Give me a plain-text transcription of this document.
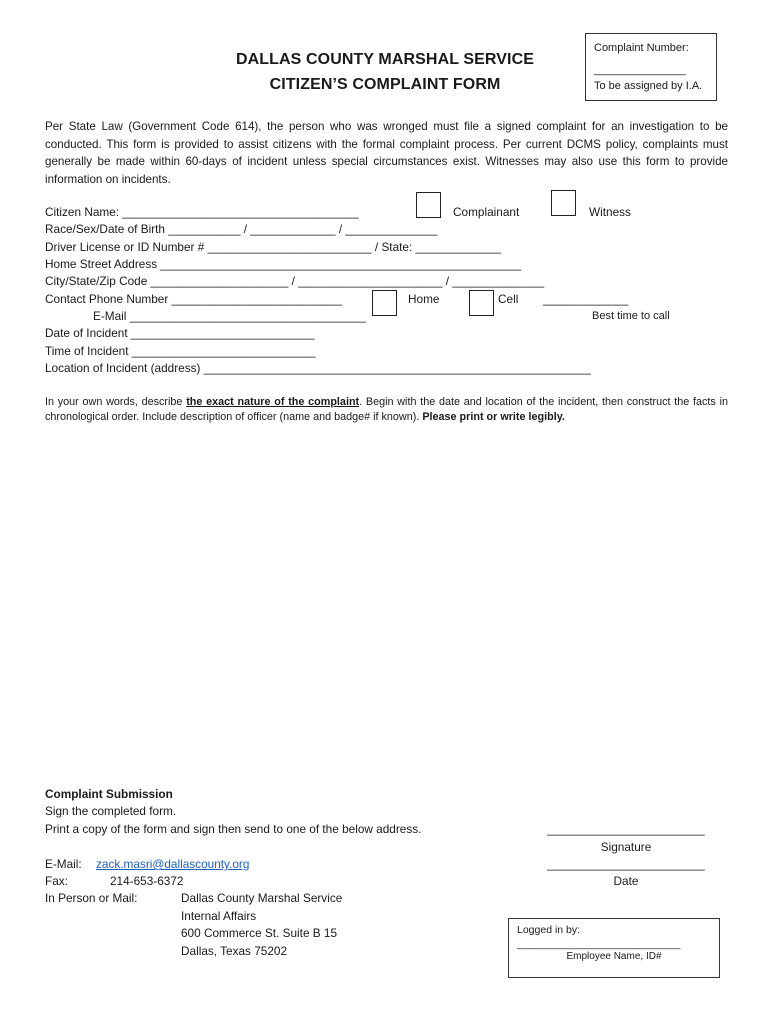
DALLAS COUNTY MARSHAL SERVICE
CITIZEN’S COMPLAINT FORM
Complaint Number:
_______________
To be assigned by I.A.
Per State Law (Government Code 614), the person who was wronged must file a signed complaint for an investigation to be conducted. This form is provided to assist citizens with the formal complaint process. Per current DCMS policy, complaints must generally be made within 60-days of incident unless special circumstances exist. Witnesses may also use this form to provide information on incidents.
Citizen Name: ____________________________________	Complainant	Witness
Race/Sex/Date of Birth ___________ / _____________ / ______________
Driver License or ID Number # _________________________ / State: _____________
Home Street Address _______________________________________________________
City/State/Zip Code _____________________ / ______________________ / ______________
Contact Phone Number __________________________	Home	Cell _____________
Best time to call
E-Mail ____________________________________
Date of Incident ____________________________
Time of Incident ____________________________
Location of Incident (address) ___________________________________________________________
In your own words, describe the exact nature of the complaint. Begin with the date and location of the incident, then construct the facts in chronological order. Include description of officer (name and badge# if known). Please print or write legibly.
Complaint Submission
Sign the completed form.
Print a copy of the form and sign then send to one of the below address.
E-Mail: zack.masri@dallascounty.org
Fax:	214-653-6372
In Person or Mail:	Dallas County Marshal Service
Internal Affairs
600 Commerce St. Suite B 15
Dallas, Texas 75202
________________________
Signature
________________________
Date
Logged in by:
____________________________
Employee Name, ID#
